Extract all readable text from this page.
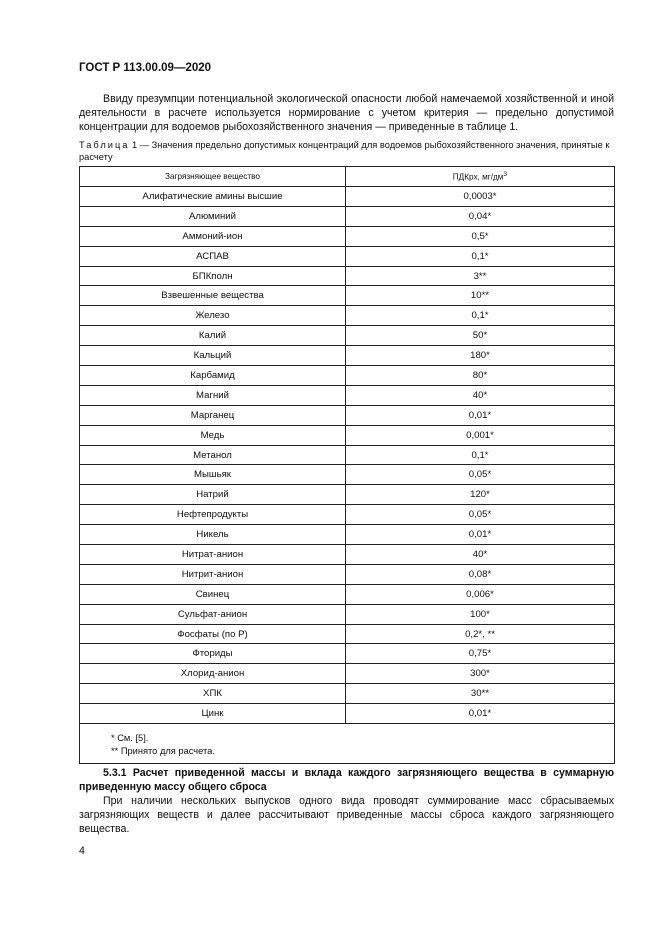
ГОСТ Р 113.00.09—2020

Ввиду презумпции потенциальной экологической опасности любой намечаемой хозяйственной и иной деятельности в расчете используется нормирование с учетом критерия — предельно допустимой концентрации для водоемов рыбохозяйственного значения — приведенные в таблице 1.

Таблица 1 — Значения предельно допустимых концентраций для водоемов рыбохозяйственного значения, принятые к расчету

Загрязняющее вещество	ПДКрх, $мг/дм^3$
Алифатические амины высшие	0,0003*
Алюминий	0,04*
Аммоний-ион	0,5*
АСПАВ	0,1*
БПКполн	3**
Взвешенные вещества	10**
Железо	0,1*
Калий	50*
Кальций	180*
Карбамид	80*
Магний	40*
Марганец	0,01*
Медь	0,001*
Метанол	0,1*
Мышьяк	0,05*
Натрий	120*
Нефтепродукты	0,05*
Никель	0,01*
Нитрат-анион	40*
Нитрит-анион	0,08*
Свинец	0,006*
Сульфат-анион	100*
Фосфаты (по Р)	0,2*, **
Фториды	0,75*
Хлорид-анион	300*
ХПК	30**
Цинк	0,01*

* См. [5].
** Принято для расчета.	

5.3.1 Расчет приведенной массы и вклада каждого загрязняющего вещества в суммарную приведенную массу общего сброса

При наличии нескольких выпусков одного вида проводят суммирование масс сбрасываемых загрязняющих веществ и далее рассчитывают приведенные массы сброса каждого загрязняющего вещества.

4
